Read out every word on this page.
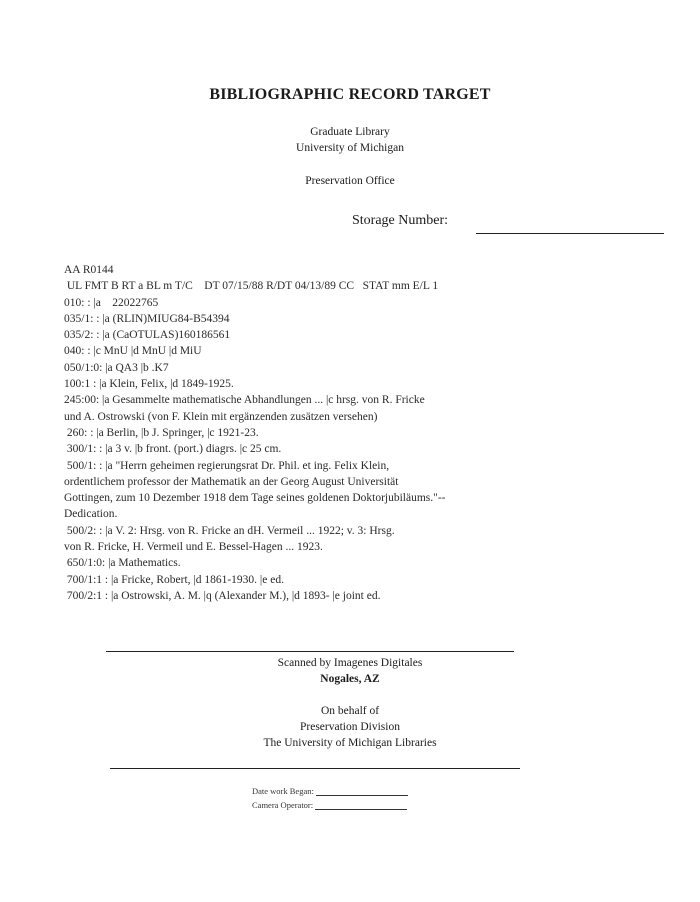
BIBLIOGRAPHIC RECORD TARGET
Graduate Library
University of Michigan
Preservation Office
Storage Number:
AA R0144
UL FMT B RT a BL m T/C    DT 07/15/88 R/DT 04/13/89 CC   STAT mm E/L 1
010: : |a    22022765
035/1: : |a (RLIN)MIUG84-B54394
035/2: : |a (CaOTULAS)160186561
040: : |c MnU |d MnU |d MiU
050/1:0: |a QA3 |b .K7
100:1 : |a Klein, Felix, |d 1849-1925.
245:00: |a Gesammelte mathematische Abhandlungen ... |c hrsg. von R. Fricke
und A. Ostrowski (von F. Klein mit ergänzenden zusätzen versehen)
260: : |a Berlin, |b J. Springer, |c 1921-23.
300/1: : |a 3 v. |b front. (port.) diagrs. |c 25 cm.
500/1: : |a "Herrn geheimen regierungsrat Dr. Phil. et ing. Felix Klein,
ordentlichem professor der Mathematik an der Georg August Universität
Gottingen, zum 10 Dezember 1918 dem Tage seines goldenen Doktorjubiläums."--
Dedication.
500/2: : |a V. 2: Hrsg. von R. Fricke an dH. Vermeil ... 1922; v. 3: Hrsg.
von R. Fricke, H. Vermeil und E. Bessel-Hagen ... 1923.
650/1:0: |a Mathematics.
700/1:1 : |a Fricke, Robert, |d 1861-1930. |e ed.
700/2:1 : |a Ostrowski, A. M. |q (Alexander M.), |d 1893- |e joint ed.
Scanned by Imagenes Digitales
Nogales, AZ
On behalf of
Preservation Division
The University of Michigan Libraries
Date work Began:
Camera Operator:
